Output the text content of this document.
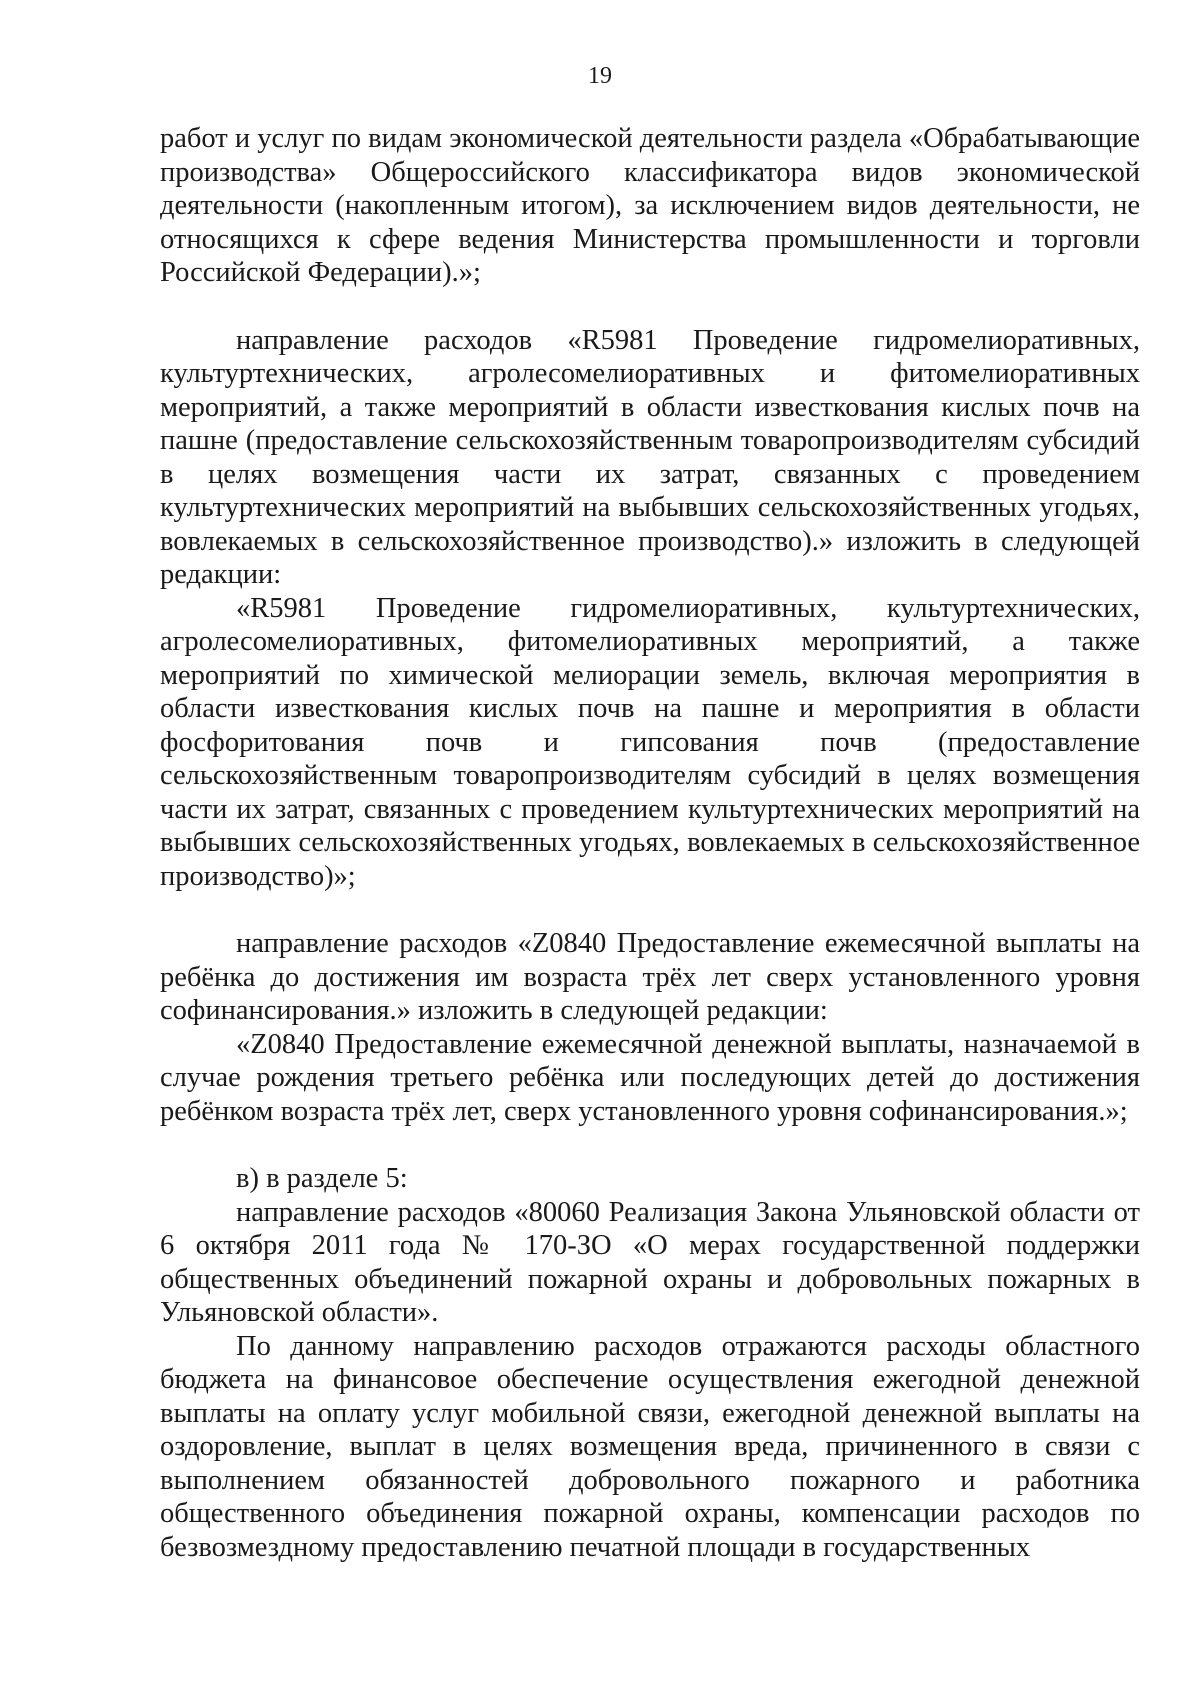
19

работ и услуг по видам экономической деятельности раздела «Обрабатывающие производства» Общероссийского классификатора видов экономической деятельности (накопленным итогом), за исключением видов деятельности, не относящихся к сфере ведения Министерства промышленности и торговли Российской Федерации).»;

направление расходов «R5981 Проведение гидромелиоративных, культуртехнических, агролесомелиоративных и фитомелиоративных мероприятий, а также мероприятий в области известкования кислых почв на пашне (предоставление сельскохозяйственным товаропроизводителям субсидий в целях возмещения части их затрат, связанных с проведением культуртехнических мероприятий на выбывших сельскохозяйственных угодьях, вовлекаемых в сельскохозяйственное производство).» изложить в следующей редакции:

«R5981 Проведение гидромелиоративных, культуртехнических, агролесомелиоративных, фитомелиоративных мероприятий, а также мероприятий по химической мелиорации земель, включая мероприятия в области известкования кислых почв на пашне и мероприятия в области фосфоритования почв и гипсования почв (предоставление сельскохозяйственным товаропроизводителям субсидий в целях возмещения части их затрат, связанных с проведением культуртехнических мероприятий на выбывших сельскохозяйственных угодьях, вовлекаемых в сельскохозяйственное производство)»;

направление расходов «Z0840 Предоставление ежемесячной выплаты на ребёнка до достижения им возраста трёх лет сверх установленного уровня софинансирования.» изложить в следующей редакции:

«Z0840 Предоставление ежемесячной денежной выплаты, назначаемой в случае рождения третьего ребёнка или последующих детей до достижения ребёнком возраста трёх лет, сверх установленного уровня софинансирования.»;

в) в разделе 5:

направление расходов «80060 Реализация Закона Ульяновской области от 6 октября 2011 года № 170-ЗО «О мерах государственной поддержки общественных объединений пожарной охраны и добровольных пожарных в Ульяновской области».

По данному направлению расходов отражаются расходы областного бюджета на финансовое обеспечение осуществления ежегодной денежной выплаты на оплату услуг мобильной связи, ежегодной денежной выплаты на оздоровление, выплат в целях возмещения вреда, причиненного в связи с выполнением обязанностей добровольного пожарного и работника общественного объединения пожарной охраны, компенсации расходов по безвозмездному предоставлению печатной площади в государственных
